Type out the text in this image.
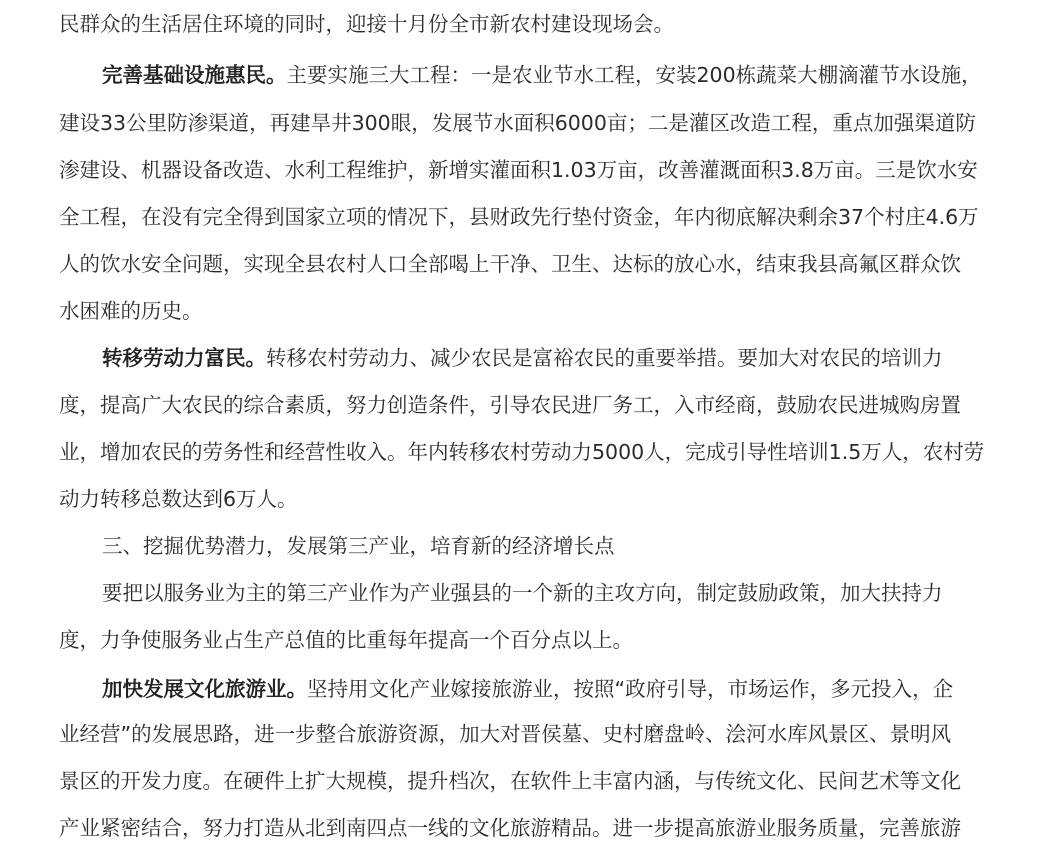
民群众的生活居住环境的同时，迎接十月份全市新农村建设现场会。
完善基础设施惠民。主要实施三大工程：一是农业节水工程，安装200栋蔬菜大棚滴灌节水设施，
建设33公里防渗渠道，再建旱井300眼，发展节水面积6000亩；二是灌区改造工程，重点加强渠道防
渗建设、机器设备改造、水利工程维护，新增实灌面积1.03万亩，改善灌溉面积3.8万亩。三是饮水安
全工程，在没有完全得到国家立项的情况下，县财政先行垫付资金，年内彻底解决剩余37个村庄4.6万
人的饮水安全问题，实现全县农村人口全部喝上干净、卫生、达标的放心水，结束我县高氟区群众饮
水困难的历史。
转移劳动力富民。转移农村劳动力、减少农民是富裕农民的重要举措。要加大对农民的培训力
度，提高广大农民的综合素质，努力创造条件，引导农民进厂务工，入市经商，鼓励农民进城购房置
业，增加农民的劳务性和经营性收入。年内转移农村劳动力5000人，完成引导性培训1.5万人，农村劳
动力转移总数达到6万人。
三、挖掘优势潜力，发展第三产业，培育新的经济增长点
要把以服务业为主的第三产业作为产业强县的一个新的主攻方向，制定鼓励政策，加大扶持力
度，力争使服务业占生产总值的比重每年提高一个百分点以上。
加快发展文化旅游业。坚持用文化产业嫁接旅游业，按照“政府引导，市场运作，多元投入，企
业经营”的发展思路，进一步整合旅游资源，加大对晋侯墓、史村磨盘岭、浍河水库风景区、景明风
景区的开发力度。在硬件上扩大规模，提升档次，在软件上丰富内涵，与传统文化、民间艺术等文化
产业紧密结合，努力打造从北到南四点一线的文化旅游精品。进一步提高旅游业服务质量，完善旅游
